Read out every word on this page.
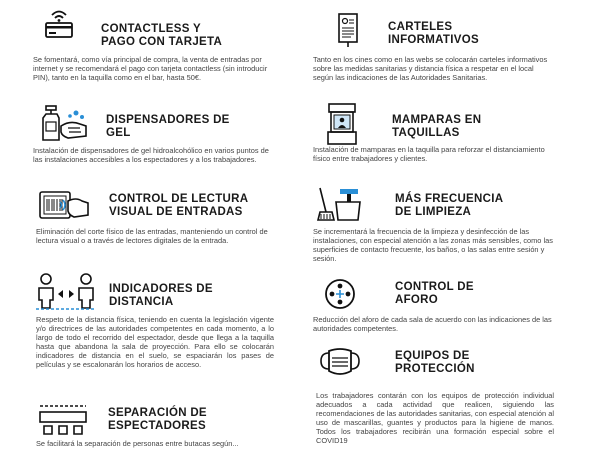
CONTACTLESS Y
PAGO CON TARJETA
Se fomentará, como vía principal de compra, la venta de entradas por internet y se recomendará el pago con tarjeta contactless (sin introducir PIN), tanto en la taquilla como en el bar, hasta 50€.
DISPENSADORES DE
GEL
Instalación de dispensadores de gel hidroalcohólico en varios puntos de las instalaciones accesibles a los espectadores y a los trabajadores.
CONTROL DE LECTURA
VISUAL DE ENTRADAS
Eliminación del corte físico de las entradas, manteniendo un control de lectura visual o a través de lectores digitales de la entrada.
INDICADORES DE
DISTANCIA
Respeto de la distancia física, teniendo en cuenta la legislación vigente y/o directrices de las autoridades competentes en cada momento, a lo largo de todo el recorrido del espectador, desde que llega a la taquilla hasta que abandona la sala de proyección. Para ello se colocarán indicadores de distancia en el suelo, se espaciarán los pases de películas y se escalonarán los horarios de acceso.
SEPARACIÓN DE
ESPECTADORES
Se facilitará la separación de personas entre butacas según...
CARTELES
INFORMATIVOS
Tanto en los cines como en las webs se colocarán carteles informativos sobre las medidas sanitarias y distancia física a respetar en el local según las indicaciones de las Autoridades Sanitarias.
MAMPARAS EN
TAQUILLAS
Instalación de mamparas en la taquilla para reforzar el distanciamiento físico entre trabajadores y clientes.
MÁS FRECUENCIA
DE LIMPIEZA
Se incrementará la frecuencia de la limpieza y desinfección de las instalaciones, con especial atención a las zonas más sensibles, como las superficies de contacto frecuente, los baños, o las salas entre sesión y sesión.
CONTROL DE
AFORO
Reducción del aforo de cada sala de acuerdo con las indicaciones de las autoridades competentes.
EQUIPOS DE
PROTECCIÓN
Los trabajadores contarán con los equipos de protección individual adecuados a cada actividad que realicen, siguiendo las recomendaciones de las autoridades sanitarias, con especial atención al uso de mascarillas, guantes y productos para la higiene de manos. Todos los trabajadores recibirán una formación especial sobre el COVID19
